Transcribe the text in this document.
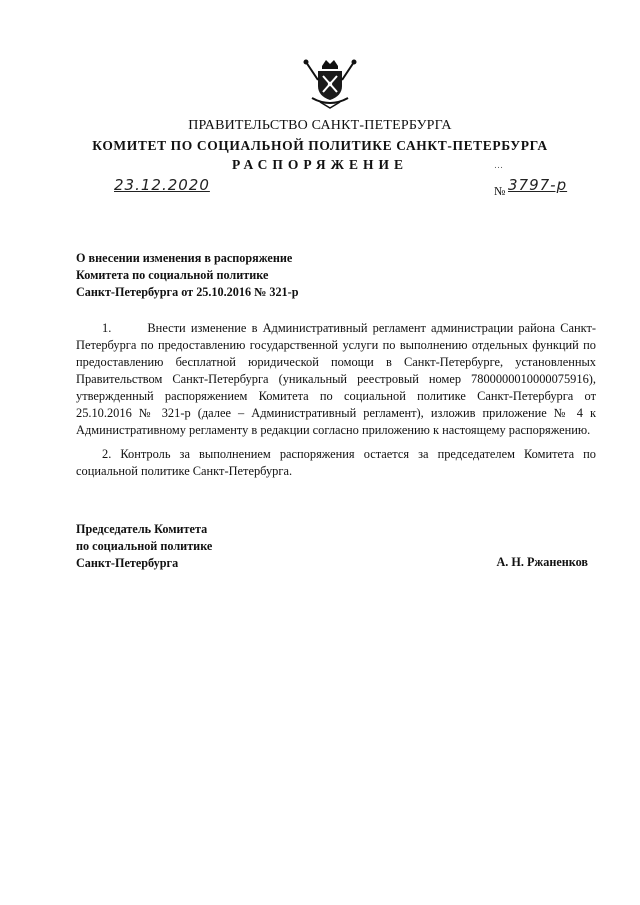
ПРАВИТЕЛЬСТВО САНКТ-ПЕТЕРБУРГА
КОМИТЕТ ПО СОЦИАЛЬНОЙ ПОЛИТИКЕ САНКТ-ПЕТЕРБУРГА
РАСПОРЯЖЕНИЕ	…
23.12.2020	№ 3797-р
О внесении изменения в распоряжение
Комитета по социальной политике
Санкт-Петербурга от 25.10.2016 № 321-р
1.       Внести изменение в Административный регламент администрации района Санкт-Петербурга по предоставлению государственной услуги по выполнению отдельных функций по предоставлению бесплатной юридической помощи в Санкт-Петербурге, установленных Правительством Санкт-Петербурга (уникальный реестровый номер 7800000010000075916), утвержденный распоряжением Комитета по социальной политике Санкт-Петербурга от 25.10.2016 № 321-р (далее – Административный регламент), изложив приложение № 4 к Административному регламенту в редакции согласно приложению к настоящему распоряжению.
2. Контроль за выполнением распоряжения остается за председателем Комитета по социальной политике Санкт-Петербурга.
Председатель Комитета
по социальной политике
Санкт-Петербурга	А. Н. Ржаненков
